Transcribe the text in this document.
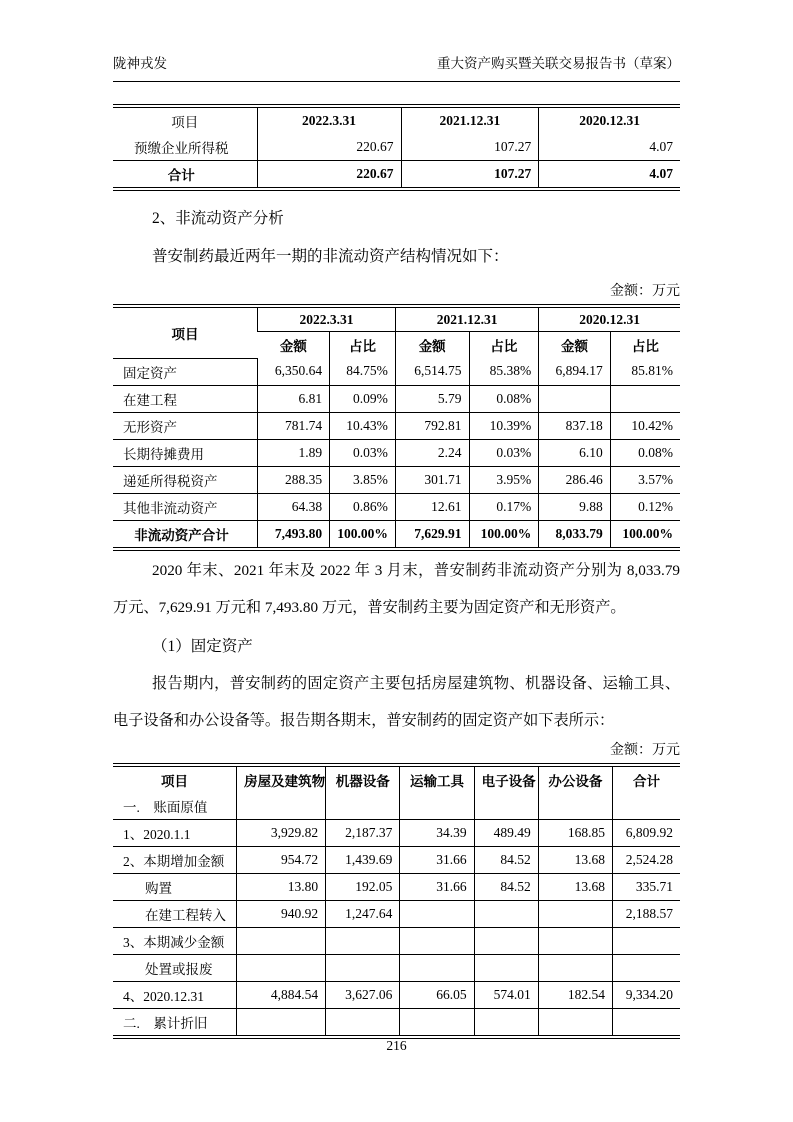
陇神戎发	重大资产购买暨关联交易报告书（草案）
项目	2022.3.31	2021.12.31	2020.12.31
预缴企业所得税	220.67	107.27	4.07
合计	220.67	107.27	4.07
2、非流动资产分析
普安制药最近两年一期的非流动资产结构情况如下：
金额：万元
项目	2022.3.31		2021.12.31		2020.12.31	
	金额	占比	金额	占比	金额	占比
固定资产	6,350.64	84.75%	6,514.75	85.38%	6,894.17	85.81%
在建工程	6.81	0.09%	5.79	0.08%		
无形资产	781.74	10.43%	792.81	10.39%	837.18	10.42%
长期待摊费用	1.89	0.03%	2.24	0.03%	6.10	0.08%
递延所得税资产	288.35	3.85%	301.71	3.95%	286.46	3.57%
其他非流动资产	64.38	0.86%	12.61	0.17%	9.88	0.12%
非流动资产合计	7,493.80	100.00%	7,629.91	100.00%	8,033.79	100.00%
2020 年末、2021 年末及 2022 年 3 月末，普安制药非流动资产分别为 8,033.79 万元、7,629.91 万元和 7,493.80 万元，普安制药主要为固定资产和无形资产。
（1）固定资产
报告期内，普安制药的固定资产主要包括房屋建筑物、机器设备、运输工具、电子设备和办公设备等。报告期各期末，普安制药的固定资产如下表所示：
金额：万元
项目	房屋及建筑物	机器设备	运输工具	电子设备	办公设备	合计
一.　账面原值						
1、2020.1.1	3,929.82	2,187.37	34.39	489.49	168.85	6,809.92
2、本期增加金额	954.72	1,439.69	31.66	84.52	13.68	2,524.28
购置	13.80	192.05	31.66	84.52	13.68	335.71
在建工程转入	940.92	1,247.64				2,188.57
3、本期减少金额						
处置或报废						
4、2020.12.31	4,884.54	3,627.06	66.05	574.01	182.54	9,334.20
二.　累计折旧						
216
